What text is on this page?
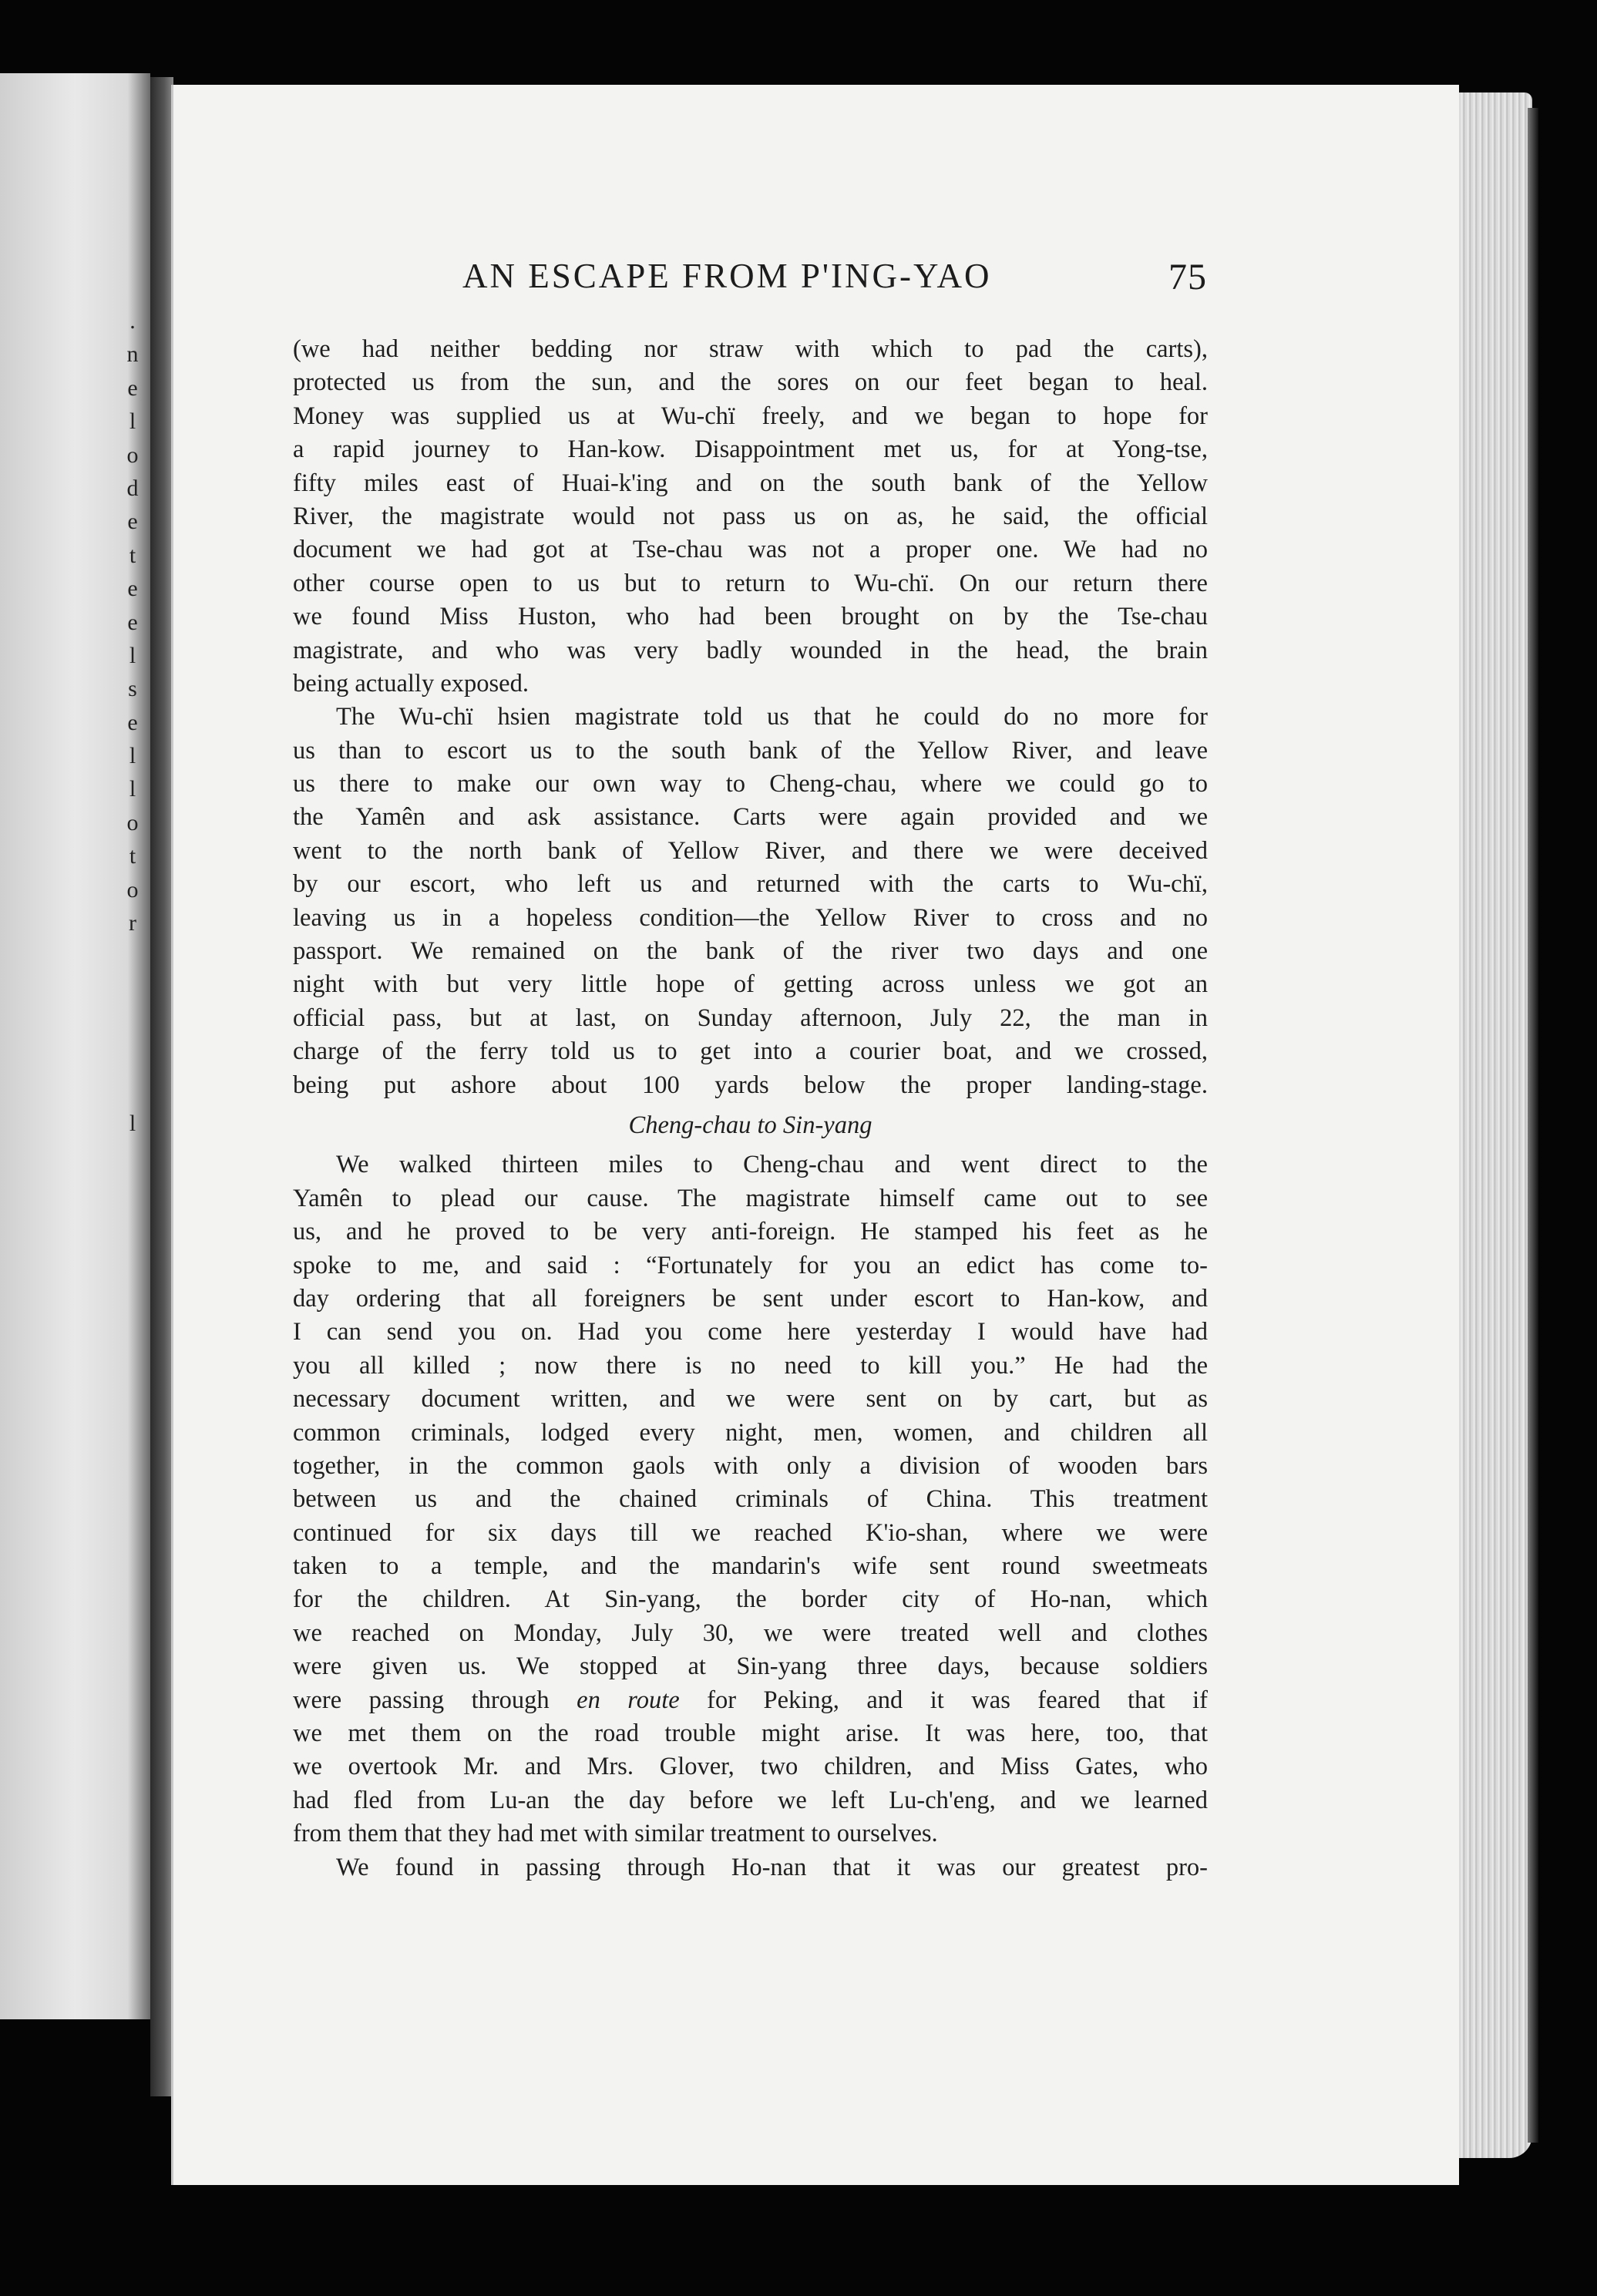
.
n
e
l
o
d
e
t
e
e
l
s
e
l
l
o
t
o
r
l
AN ESCAPE FROM P'ING-YAO	75

(we had neither bedding nor straw with which to pad the carts),
protected us from the sun, and the sores on our feet began to heal.
Money was supplied us at Wu-chï freely, and we began to hope for
a rapid journey to Han-kow. Disappointment met us, for at Yong-tse,
fifty miles east of Huai-k'ing and on the south bank of the Yellow
River, the magistrate would not pass us on as, he said, the official
document we had got at Tse-chau was not a proper one. We had no
other course open to us but to return to Wu-chï. On our return there
we found Miss Huston, who had been brought on by the Tse-chau
magistrate, and who was very badly wounded in the head, the brain
being actually exposed.

The Wu-chï hsien magistrate told us that he could do no more for
us than to escort us to the south bank of the Yellow River, and leave
us there to make our own way to Cheng-chau, where we could go to
the Yamên and ask assistance. Carts were again provided and we
went to the north bank of Yellow River, and there we were deceived
by our escort, who left us and returned with the carts to Wu-chï,
leaving us in a hopeless condition—the Yellow River to cross and no
passport. We remained on the bank of the river two days and one
night with but very little hope of getting across unless we got an
official pass, but at last, on Sunday afternoon, July 22, the man in
charge of the ferry told us to get into a courier boat, and we crossed,
being put ashore about 100 yards below the proper landing-stage.

Cheng-chau to Sin-yang

We walked thirteen miles to Cheng-chau and went direct to the
Yamên to plead our cause. The magistrate himself came out to see
us, and he proved to be very anti-foreign. He stamped his feet as he
spoke to me, and said : “Fortunately for you an edict has come to-
day ordering that all foreigners be sent under escort to Han-kow, and
I can send you on. Had you come here yesterday I would have had
you all killed ; now there is no need to kill you.” He had the
necessary document written, and we were sent on by cart, but as
common criminals, lodged every night, men, women, and children all
together, in the common gaols with only a division of wooden bars
between us and the chained criminals of China. This treatment
continued for six days till we reached K'io-shan, where we were
taken to a temple, and the mandarin's wife sent round sweetmeats
for the children. At Sin-yang, the border city of Ho-nan, which
we reached on Monday, July 30, we were treated well and clothes
were given us. We stopped at Sin-yang three days, because soldiers
were passing through en route for Peking, and it was feared that if
we met them on the road trouble might arise. It was here, too, that
we overtook Mr. and Mrs. Glover, two children, and Miss Gates, who
had fled from Lu-an the day before we left Lu-ch'eng, and we learned
from them that they had met with similar treatment to ourselves.

We found in passing through Ho-nan that it was our greatest pro-
